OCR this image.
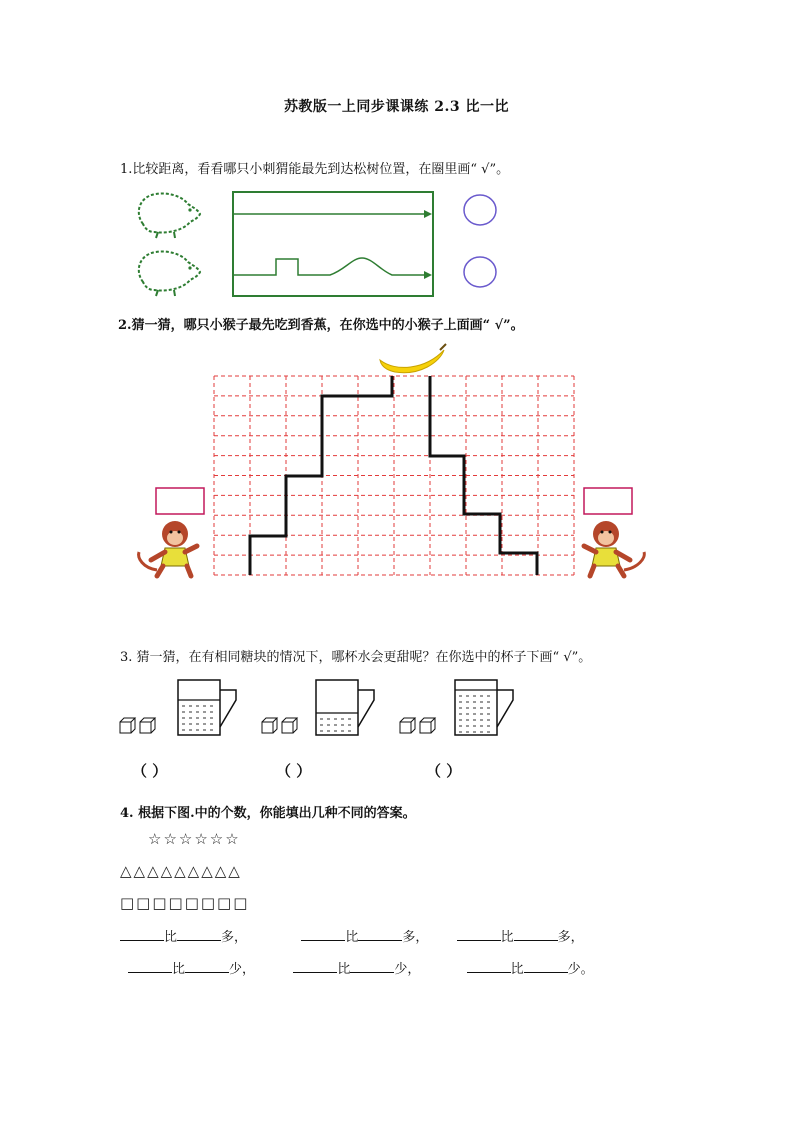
苏教版一上同步课课练 2.3 比一比
1.比较距离，看看哪只小刺猬能最先到达松树位置，在圈里画“ √”。
2.猜一猜，哪只小猴子最先吃到香蕉，在你选中的小猴子上面画“ √”。
3. 猜一猜，在有相同糖块的情况下，哪杯水会更甜呢？在你选中的杯子下画“ √”。
（ ）	（ ）	（ ）
4. 根据下图.中的个数，你能填出几种不同的答案。
☆☆☆☆☆☆
△△△△△△△△△
□□□□□□□□
比	多，	比	多，	比	多，
比	少，	比	少，	比	少。
